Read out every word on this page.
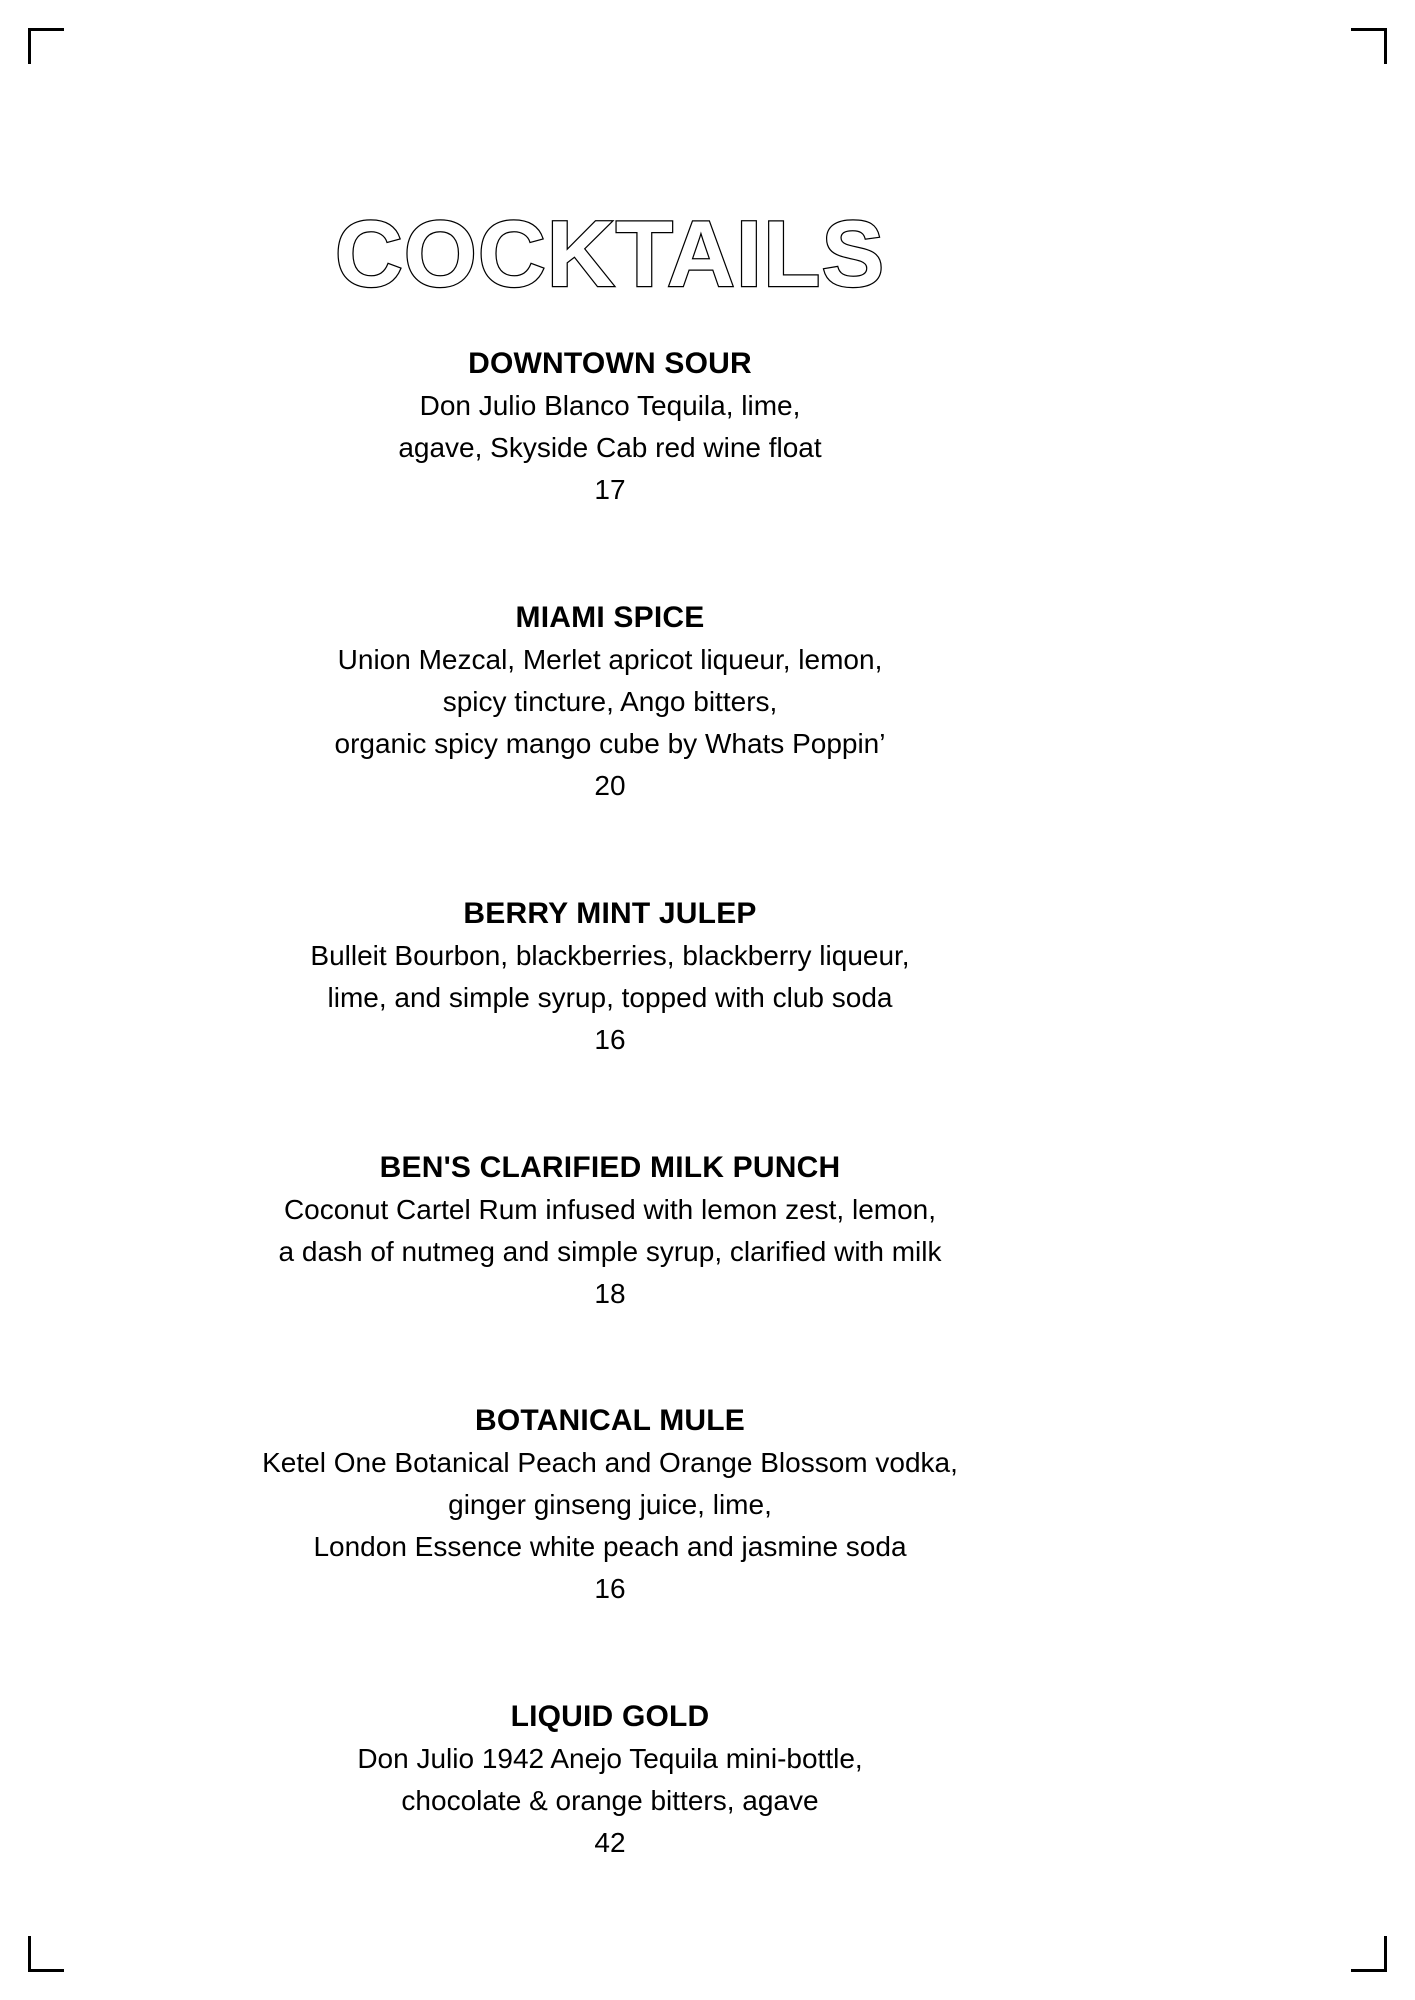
COCKTAILS
DOWNTOWN SOUR
Don Julio Blanco Tequila, lime,
agave, Skyside Cab red wine float
17
MIAMI SPICE
Union Mezcal, Merlet apricot liqueur, lemon,
spicy tincture, Ango bitters,
organic spicy mango cube by Whats Poppin’
20
BERRY MINT JULEP
Bulleit Bourbon, blackberries, blackberry liqueur,
lime, and simple syrup, topped with club soda
16
BEN'S CLARIFIED MILK PUNCH
Coconut Cartel Rum infused with lemon zest, lemon,
a dash of nutmeg and simple syrup, clarified with milk
18
BOTANICAL MULE
Ketel One Botanical Peach and Orange Blossom vodka,
ginger ginseng juice, lime,
London Essence white peach and jasmine soda
16
LIQUID GOLD
Don Julio 1942 Anejo Tequila mini-bottle,
chocolate & orange bitters, agave
42
